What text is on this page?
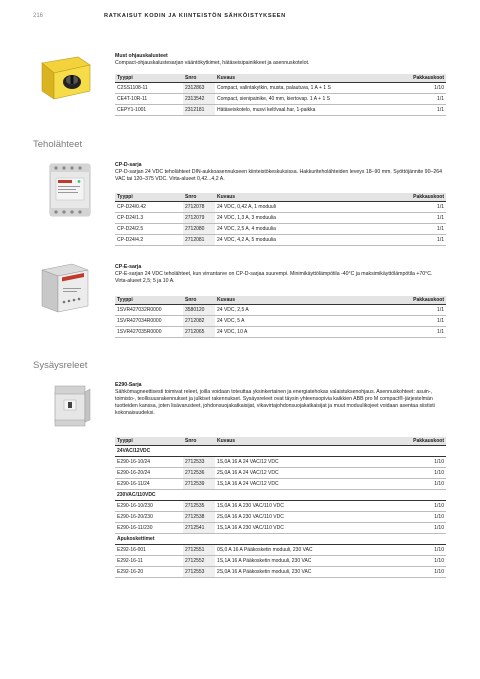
216	RATKAISUT KODIN JA KIINTEISTÖN SÄHKÖISTYKSEEN
Must ohjauskalusteet
Compact-ohjauskalustesarjan vääntökytkimet, hätäseisipainikkeet ja asennuskotelot.
Tyyppi	Snro	Kuvaus	Pakkauskoot
C2SS1108-11	2312863	Compact, valintakytkin, musta, palautuva, 1 A + 1 S	1/10
CE4T-10R-11	2313542	Compact, sienipainike, 40 mm, kiertovap. 1 A + 1 S	1/1
CEPY1-1001	2312181	Hätäseiskotelo, musvi kelt/vaal.har, 1-paikka	1/1
Teholähteet
CP-D-sarja
CP-D-sarjan 24 VDC teholähteet DIN-aukkoasennukseen kiinteistökeskuksissa. Hakkuriteholähteiden leveys 18–90 mm. Syöttöjännite 90–264 VAC tai 120–375 VDC. Virta-alueet 0,42...4,2 A.
Tyyppi	Snro	Kuvaus	Pakkauskoot
CP-D24/0.42	2712078	24 VDC, 0,42 A, 1 moduuli	1/1
CP-D24/1.3	2712079	24 VDC, 1,3 A, 3 moduulia	1/1
CP-D24/2.5	2712080	24 VDC, 2,5 A, 4 moduulia	1/1
CP-D24/4.2	2712081	24 VDC, 4,2 A, 5 moduulia	1/1
CP-E-sarja
CP-E-sarjan 24 VDC teholähteet, kun virrantarve on CP-D-sarjaa suurempi. Minimikäyttölämpötila -40°C ja maksimikäyttölämpötila +70°C. Virta-alueet 2,5; 5 ja 10 A.
Tyyppi	Snro	Kuvaus	Pakkauskoot
1SVR427032R0000	3580120	24 VDC, 2,5 A	1/1
1SVR427034R0000	2712082	24 VDC, 5 A	1/1
1SVR427035R0000	2712065	24 VDC, 10 A	1/1
Sysäysreleet
E290-Sarja
Sähkömagneettisesti toimivat releet, joilla voidaan toteuttaa yksinkertainen ja energiatehokas valaistuksenohjaus. Asennuskohteet: asuin-, toimisto-, teollisuusrakennukset ja julkiset rakennukset. Sysäysreleet ovat täysin yhteensopivia kaikkien ABB pro M compact®-järjestelmän tuotteiden kanssa, joten lisävarusteet, johdonsuojakatkaisijat, vikavirtajohdonsuojakatkaisijat ja muut moduulikojeet voidaan asentaa siististi kokonaisuudeksi.
Tyyppi	Snro	Kuvaus	Pakkauskoot
24VAC/12VDC			
E290-16-10/24	2712533	1S,0A 16 A 24 VAC/12 VDC	1/10
E290-16-20/24	2712536	2S,0A 16 A 24 VAC/12 VDC	1/10
E290-16-11/24	2712539	1S,1A 16 A 24 VAC/12 VDC	1/10
230VAC/110VDC			
E290-16-10/230	2712535	1S,0A 16 A 230 VAC/110 VDC	1/10
E290-16-20/230	2712538	2S,0A 16 A 230 VAC/110 VDC	1/10
E290-16-11/230	2712541	1S,1A 16 A 230 VAC/110 VDC	1/10
Apukoskettimet			
E292-16-001	2712551	0S,0 A 16 A Pääkosketin moduuli, 230 VAC	1/10
E292-16-11	2712552	1S,1A 16 A Pääkosketin moduuli, 230 VAC	1/10
E292-16-20	2712553	2S,0A 16 A Pääkosketin moduuli, 230 VAC	1/10
